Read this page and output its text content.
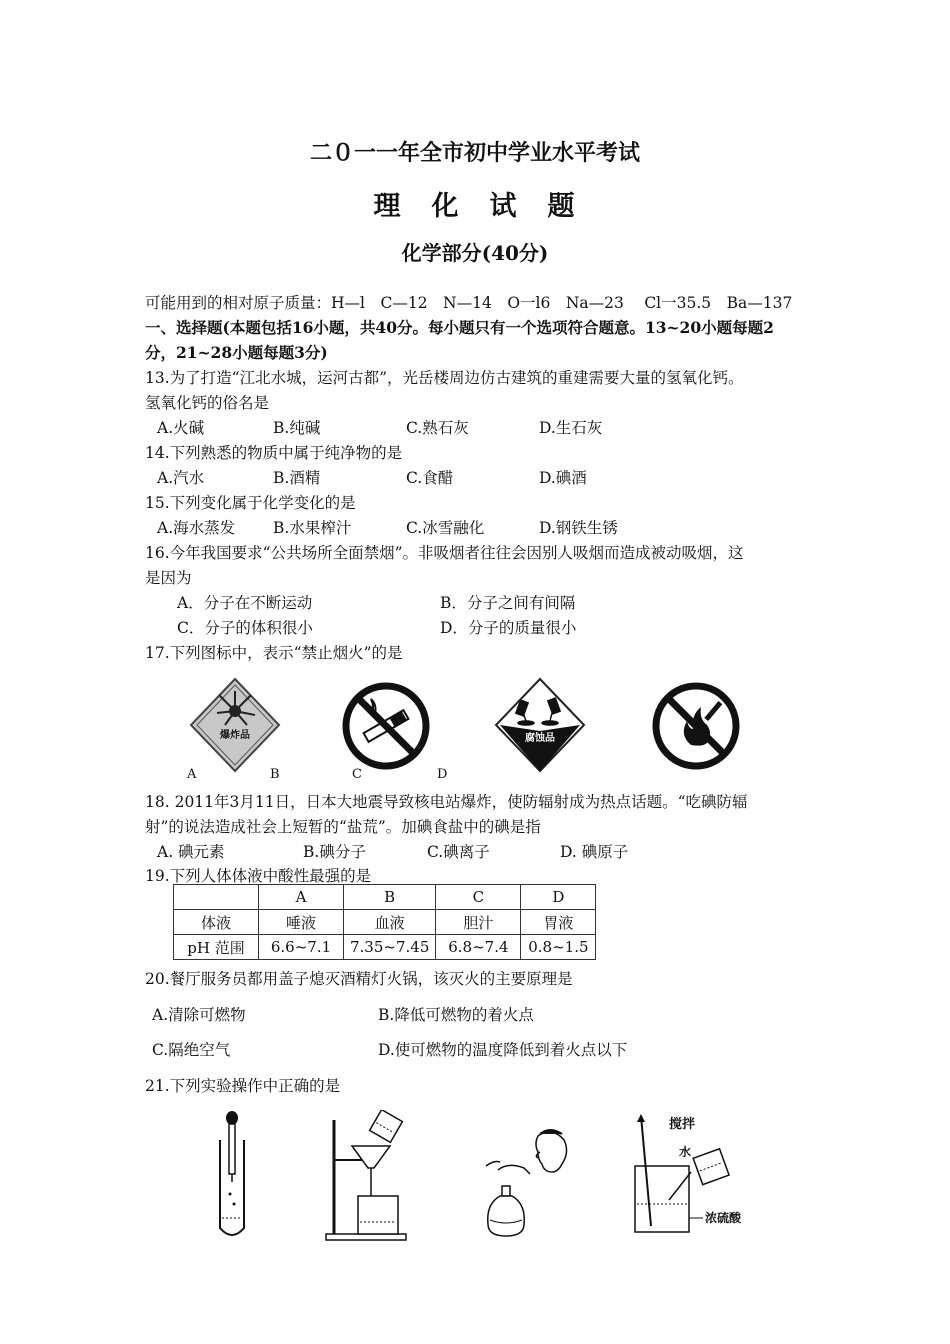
二０一一年全市初中学业水平考试
理　化　试　题
化学部分(40分)
可能用到的相对原子质量：H—l　C—12　N—14　O一l6　Na—23　 Cl一35.5　Ba—137
一、选择题(本题包括16小题，共40分。每小题只有一个选项符合题意。13~20小题每题2
分，21~28小题每题3分)
13.为了打造“江北水城，运河古都”，光岳楼周边仿古建筑的重建需要大量的氢氧化钙。
氢氧化钙的俗名是
A.火碱	B.纯碱	C.熟石灰	D.生石灰
14.下列熟悉的物质中属于纯净物的是
A.汽水	B.酒精	C.食醋	D.碘酒
15.下列变化属于化学变化的是
A.海水蒸发 B.水果榨汁	C.冰雪融化	D.钢铁生锈
16.今年我国要求“公共场所全面禁烟”。非吸烟者往往会因别人吸烟而造成被动吸烟，这
是因为
A．分子在不断运动	B．分子之间有间隔
C．分子的体积很小	D．分子的质量很小
17.下列图标中，表示“禁止烟火”的是
爆炸品	腐蚀品
A	B	C	D
18. 2011年3月11日，日本大地震导致核电站爆炸，使防辐射成为热点话题。“吃碘防辐
射”的说法造成社会上短暂的“盐荒”。加碘食盐中的碘是指
A. 碘元素	B.碘分子	C.碘离子	D. 碘原子
19.下列人体体液中酸性最强的是
	A	B	C	D
体液	唾液	血液	胆汁	胃液
pH 范围	6.6~7.1	7.35~7.45	6.8~7.4	0.8~1.5
20.餐厅服务员都用盖子熄灭酒精灯火锅，该灭火的主要原理是
A.清除可燃物	B.降低可燃物的着火点
C.隔绝空气	D.使可燃物的温度降低到着火点以下
21.下列实验操作中正确的是
搅拌
水
浓硫酸
